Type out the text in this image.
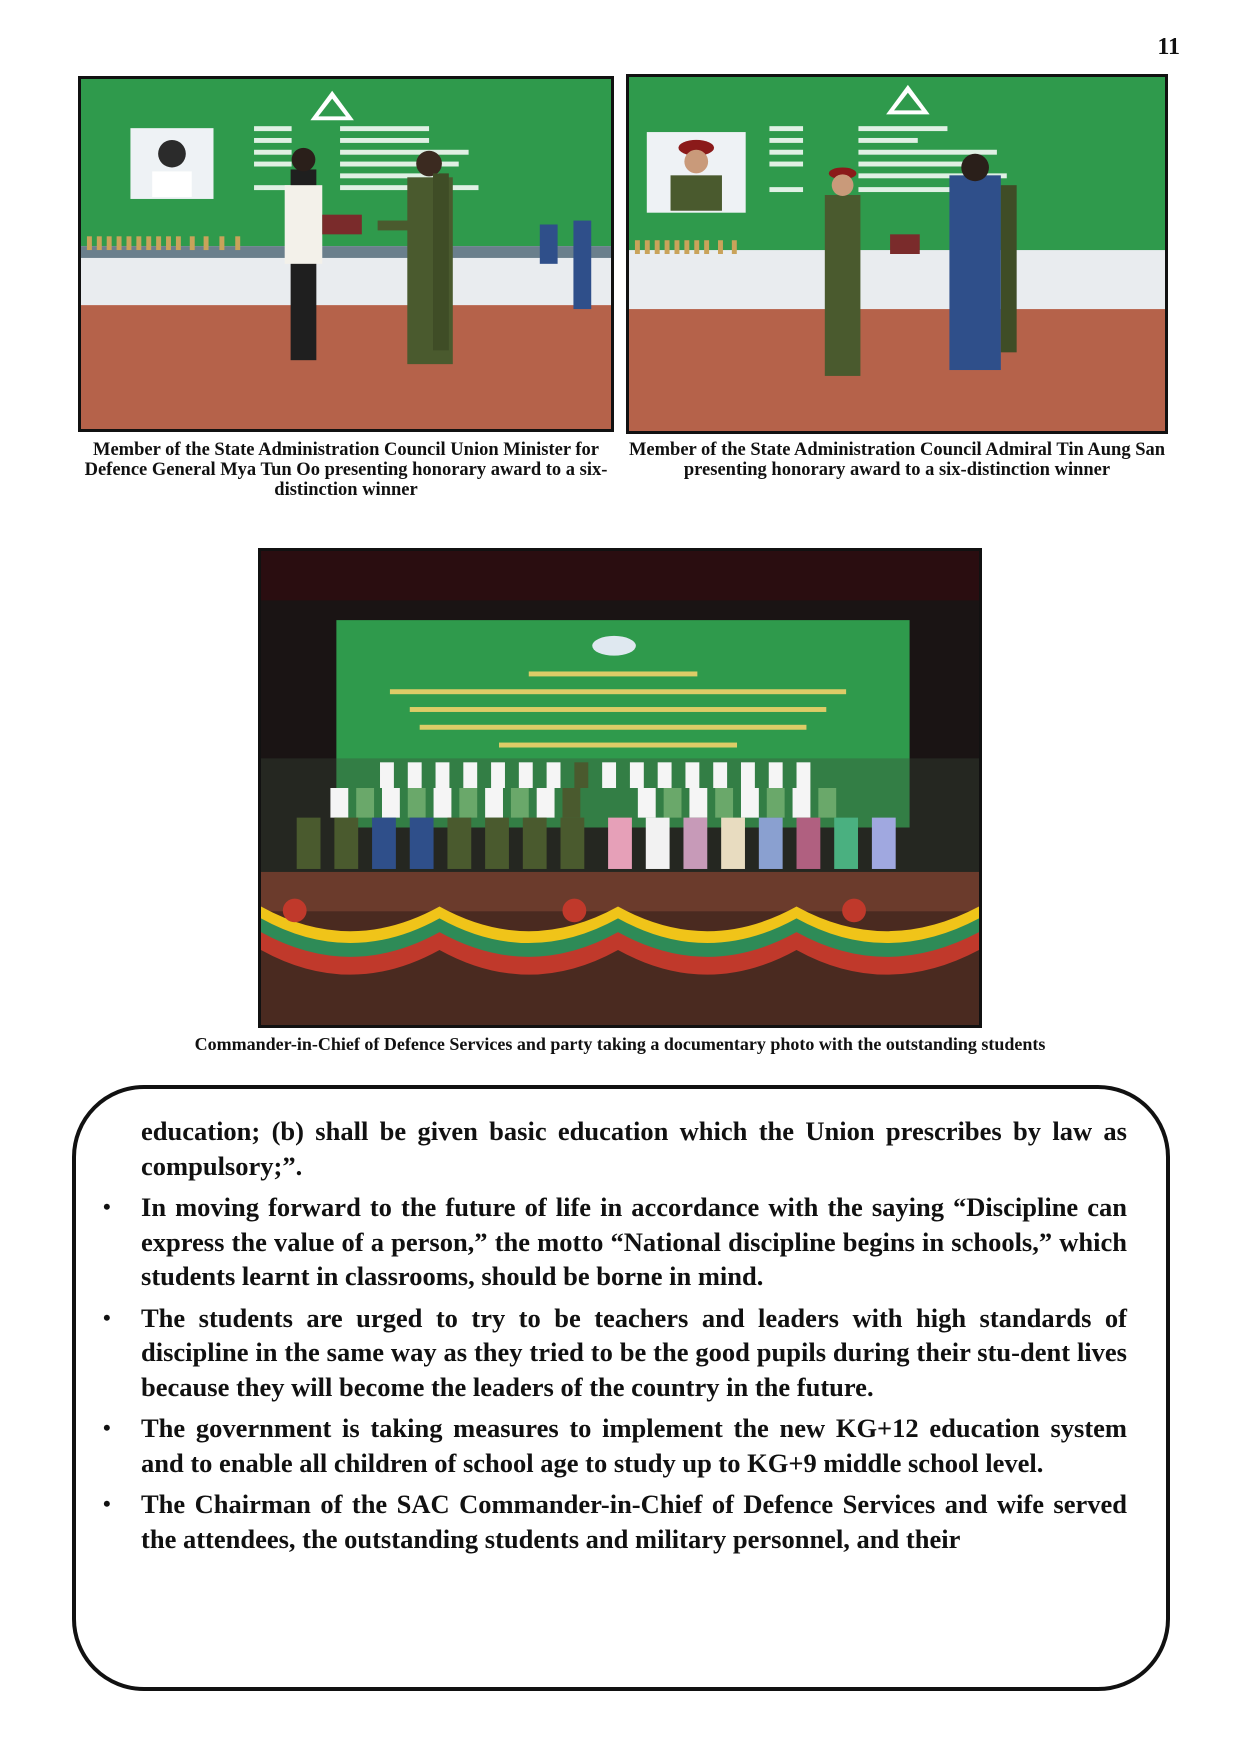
11
Member of the State Administration Council Union Minister for Defence General Mya Tun Oo presenting honorary award to a six-distinction winner
Member of the State Administration Council Admiral Tin Aung San presenting honorary award to a six-distinction winner
Commander-in-Chief of Defence Services and party taking a documentary photo with the outstanding students

education; (b) shall be given basic education which the Union prescribes by law as compulsory;”.

• In moving forward to the future of life in accordance with the saying “Discipline can express the value of a person,” the motto “National discipline begins in schools,” which students learnt in classrooms, should be borne in mind.
• The students are urged to try to be teachers and leaders with high standards of discipline in the same way as they tried to be the good pupils during their stu-dent lives because they will become the leaders of the country in the future.
• The government is taking measures to implement the new KG+12 education system and to enable all children of school age to study up to KG+9 middle school level.
• The Chairman of the SAC Commander-in-Chief of Defence Services and wife served the attendees, the outstanding students and military personnel, and their
